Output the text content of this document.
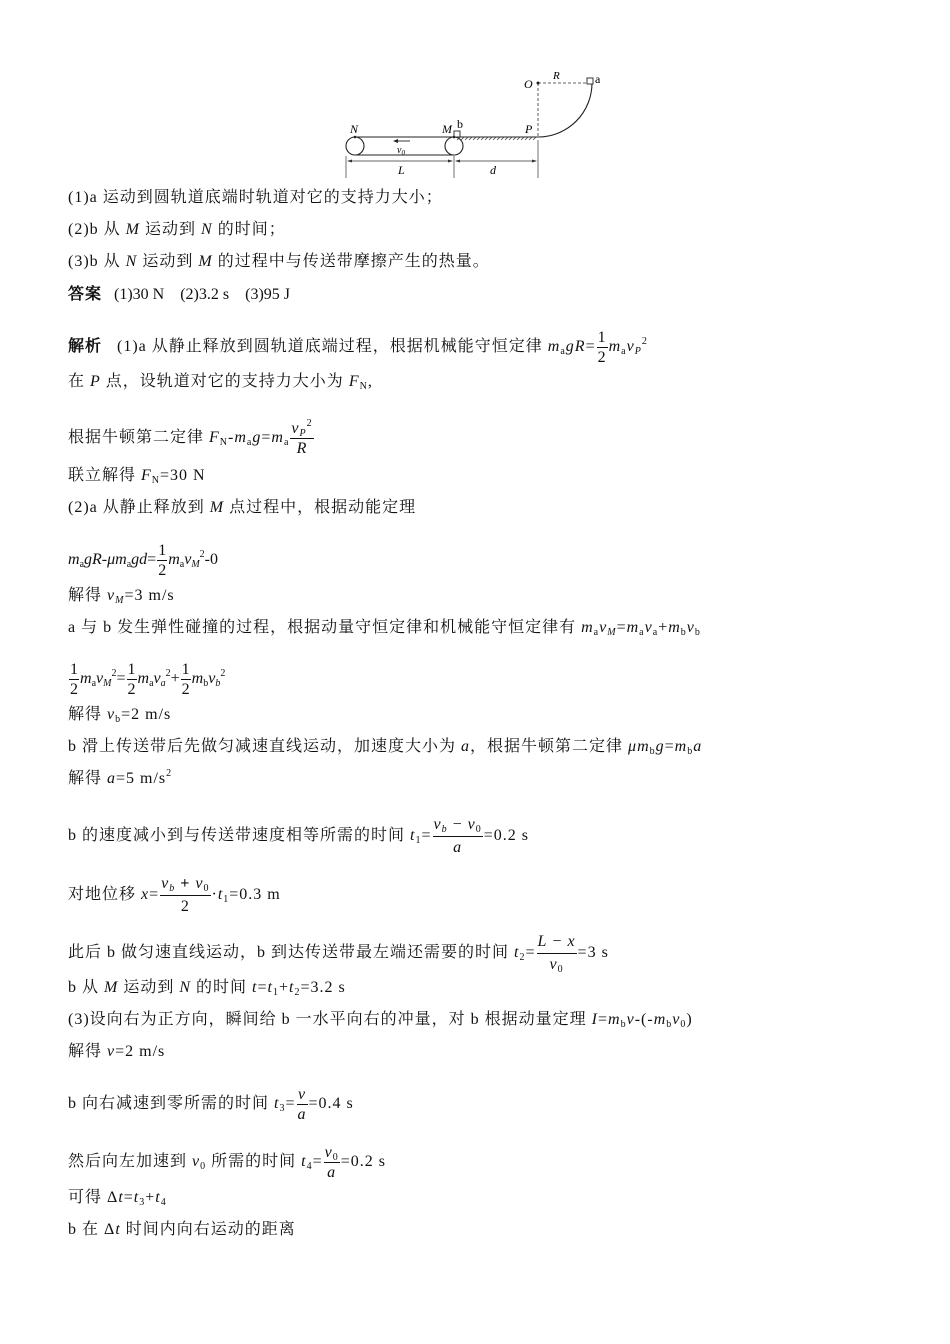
$v_0$
O
R	a
N	M b	P
L	d
(1)a 运动到圆轨道底端时轨道对它的支持力大小；
(2)b 从 M 运动到 N 的时间；
(3)b 从 N 运动到 M 的过程中与传送带摩擦产生的热量。
答案 (1)30 N　(2)3.2 s　(3)95 J
解析 (1)a 从静止释放到圆轨道底端过程，根据机械能守恒定律 $m_agR= \frac{1}{2} m_av_P^2$
在 P 点，设轨道对它的支持力大小为 $F_N$,
根据牛顿第二定律 $F_N-m_ag=m_a \frac{v_P^2}{R}$
联立解得 $F_N=30$ N
(2)a 从静止释放到 M 点过程中，根据动能定理
$m_agR-\mu m_agd= \frac{1}{2} m_av_M^2-0$
解得 $v_M=3$ m/s
a 与 b 发生弹性碰撞的过程，根据动量守恒定律和机械能守恒定律有 $m_av_M=m_av_a+m_bv_b$
$\frac{1}{2} m_av_M^2= \frac{1}{2} m_av_a^2+ \frac{1}{2} m_bv_b^2$
解得 $v_b=2$ m/s
b 滑上传送带后先做匀减速直线运动，加速度大小为 a，根据牛顿第二定律 $\mu m_bg=m_ba$
解得 a=5 $m/s^2$
b 的速度减小到与传送带速度相等所需的时间 $t_1= \frac{v_b - v_0}{a} =0.2$ s
对地位移 $x= \frac{v_b + v_0}{2} \cdot t_1=0.3$ m
此后 b 做匀速直线运动，b 到达传送带最左端还需要的时间 $t_2= \frac{L - x}{v_0} =3$ s
b 从 M 运动到 N 的时间 $t=t_1+t_2=3.2$ s
(3)设向右为正方向，瞬间给 b 一水平向右的冲量，对 b 根据动量定理 $I=m_bv-(-m_bv_0)$
解得 v=2 m/s
b 向右减速到零所需的时间 $t_3= \frac{v}{a} =0.4$ s
然后向左加速到 $v_0$ 所需的时间 $t_4= \frac{v_0}{a} =0.2$ s
可得 $\Delta t=t_3+t_4$
b 在 Δt 时间内向右运动的距离
